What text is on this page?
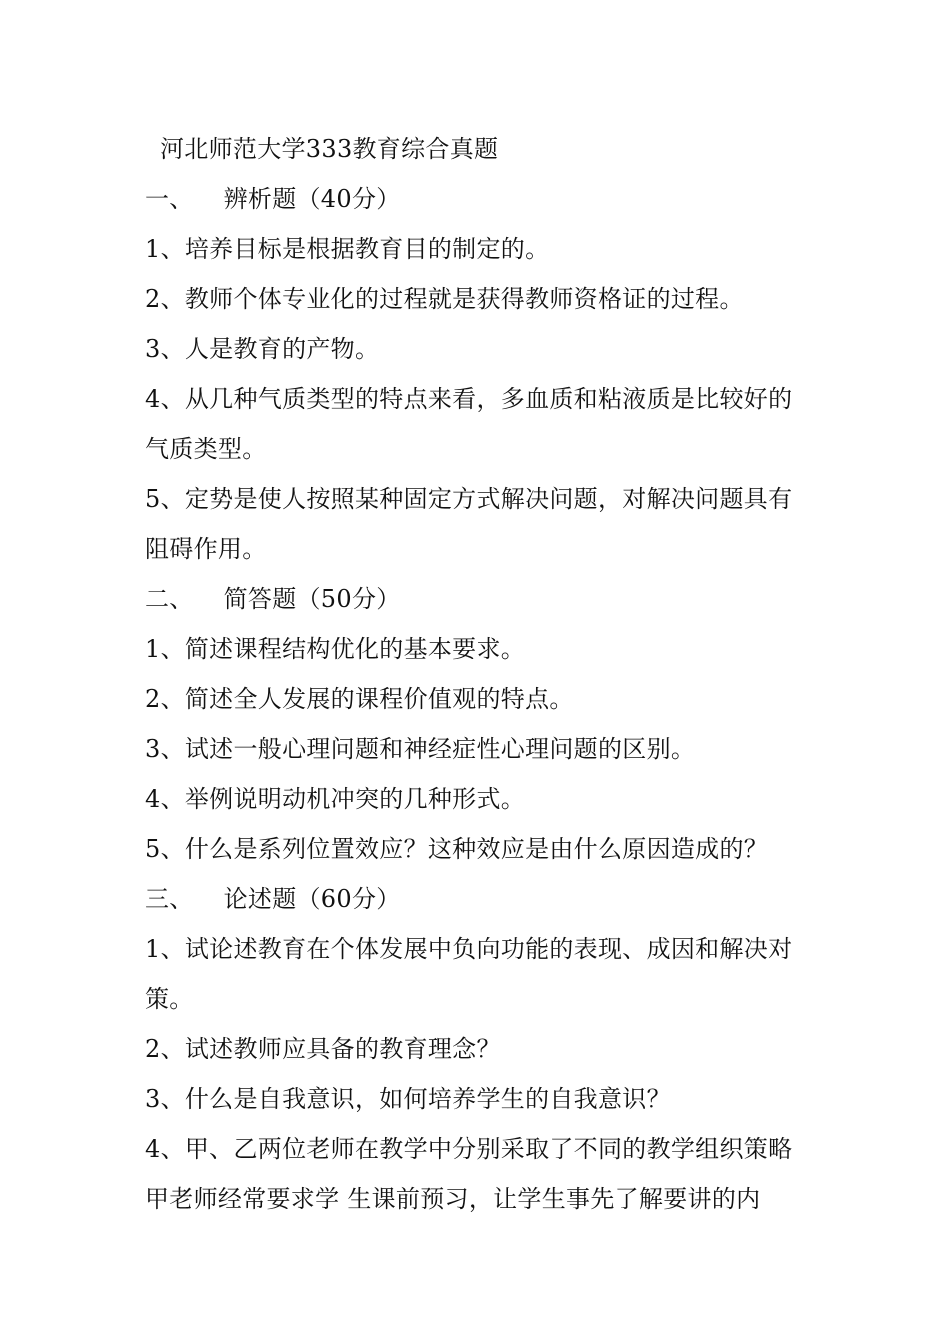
河北师范大学333教育综合真题
一、 辨析题（40分）
1、培养目标是根据教育目的制定的。
2、教师个体专业化的过程就是获得教师资格证的过程。
3、人是教育的产物。
4、从几种气质类型的特点来看，多血质和粘液质是比较好的
气质类型。
5、定势是使人按照某种固定方式解决问题，对解决问题具有
阻碍作用。
二、 简答题（50分）
1、简述课程结构优化的基本要求。
2、简述全人发展的课程价值观的特点。
3、试述一般心理问题和神经症性心理问题的区别。
4、举例说明动机冲突的几种形式。
5、什么是系列位置效应？这种效应是由什么原因造成的？
三、 论述题（60分）
1、试论述教育在个体发展中负向功能的表现、成因和解决对
策。
2、试述教师应具备的教育理念？
3、什么是自我意识，如何培养学生的自我意识？
4、甲、乙两位老师在教学中分别采取了不同的教学组织策略
甲老师经常要求学 生课前预习，让学生事先了解要讲的内
